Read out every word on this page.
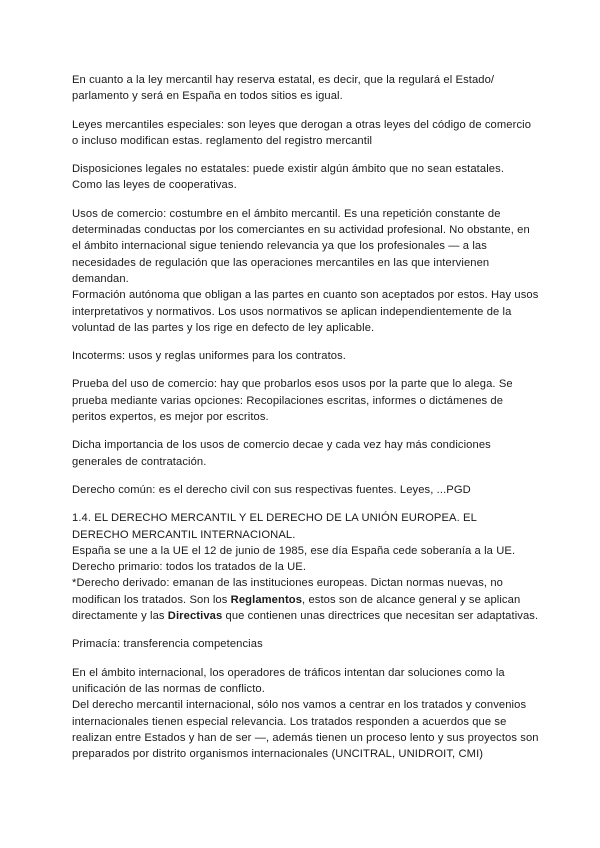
En cuanto a la ley mercantil hay reserva estatal, es decir, que la regulará el Estado/
parlamento y será en España en todos sitios es igual.

Leyes mercantiles especiales: son leyes que derogan a otras leyes del código de comercio
o incluso modifican estas. reglamento del registro mercantil

Disposiciones legales no estatales: puede existir algún ámbito que no sean estatales.
Como las leyes de cooperativas.

Usos de comercio: costumbre en el ámbito mercantil. Es una repetición constante de
determinadas conductas por los comerciantes en su actividad profesional. No obstante, en
el ámbito internacional sigue teniendo relevancia ya que los profesionales — a las
necesidades de regulación que las operaciones mercantiles en las que intervienen
demandan.
Formación autónoma que obligan a las partes en cuanto son aceptados por estos. Hay usos
interpretativos y normativos. Los usos normativos se aplican independientemente de la
voluntad de las partes y los rige en defecto de ley aplicable.

Incoterms: usos y reglas uniformes para los contratos.

Prueba del uso de comercio: hay que probarlos esos usos por la parte que lo alega. Se
prueba mediante varias opciones: Recopilaciones escritas, informes o dictámenes de
peritos expertos, es mejor por escritos.

Dicha importancia de los usos de comercio decae y cada vez hay más condiciones
generales de contratación.

Derecho común: es el derecho civil con sus respectivas fuentes. Leyes, ...PGD

1.4. EL DERECHO MERCANTIL Y EL DERECHO DE LA UNIÓN EUROPEA. EL
DERECHO MERCANTIL INTERNACIONAL.
España se une a la UE el 12 de junio de 1985, ese día España cede soberanía a la UE.
Derecho primario: todos los tratados de la UE.
*Derecho derivado: emanan de las instituciones europeas. Dictan normas nuevas, no
modifican los tratados. Son los Reglamentos, estos son de alcance general y se aplican
directamente y las Directivas que contienen unas directrices que necesitan ser adaptativas.

Primacía: transferencia competencias

En el ámbito internacional, los operadores de tráficos intentan dar soluciones como la
unificación de las normas de conflicto.
Del derecho mercantil internacional, sólo nos vamos a centrar en los tratados y convenios
internacionales tienen especial relevancia. Los tratados responden a acuerdos que se
realizan entre Estados y han de ser —, además tienen un proceso lento y sus proyectos son
preparados por distrito organismos internacionales (UNCITRAL, UNIDROIT, CMI)
